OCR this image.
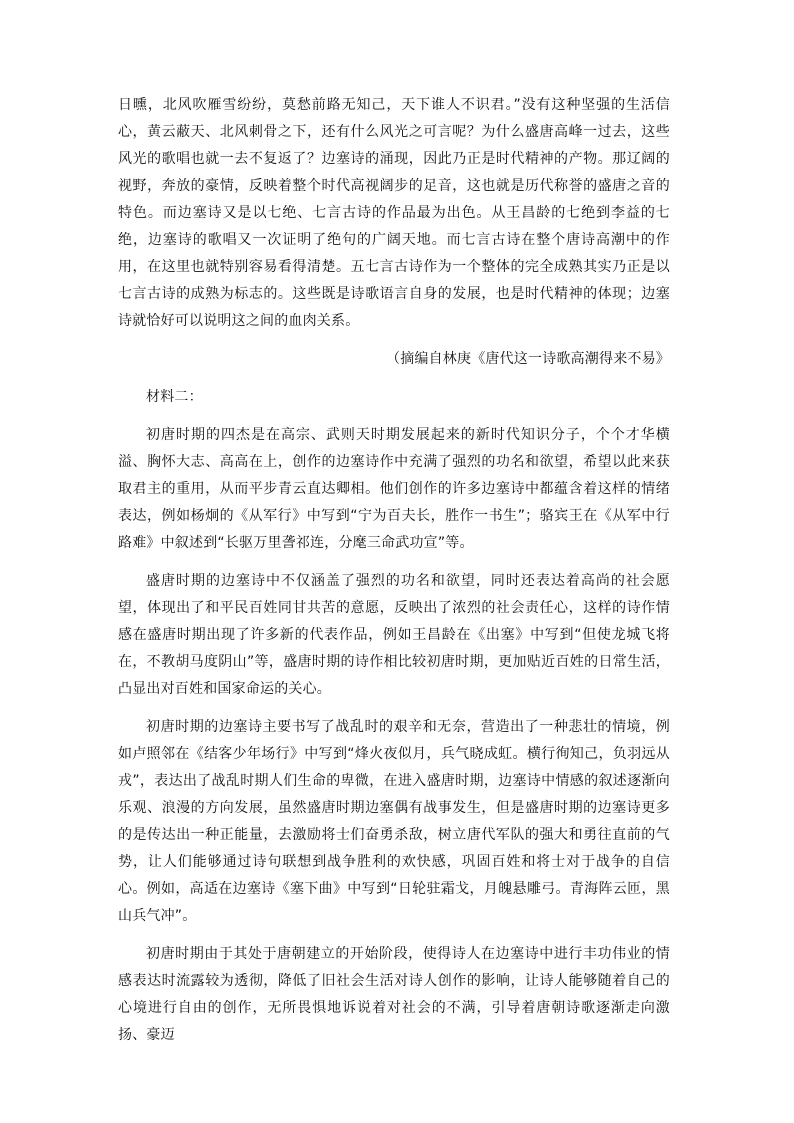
日曛，北风吹雁雪纷纷，莫愁前路无知己，天下谁人不识君。”没有这种坚强的生活信心，黄云蔽天、北风刺骨之下，还有什么风光之可言呢？为什么盛唐高峰一过去，这些风光的歌唱也就一去不复返了？边塞诗的涌现，因此乃正是时代精神的产物。那辽阔的视野，奔放的豪情，反映着整个时代高视阔步的足音，这也就是历代称誉的盛唐之音的特色。而边塞诗又是以七绝、七言古诗的作品最为出色。从王昌龄的七绝到李益的七绝，边塞诗的歌唱又一次证明了绝句的广阔天地。而七言古诗在整个唐诗高潮中的作用，在这里也就特别容易看得清楚。五七言古诗作为一个整体的完全成熟其实乃正是以七言古诗的成熟为标志的。这些既是诗歌语言自身的发展，也是时代精神的体现；边塞诗就恰好可以说明这之间的血肉关系。

（摘编自林庚《唐代这一诗歌高潮得来不易》

材料二：

初唐时期的四杰是在高宗、武则天时期发展起来的新时代知识分子，个个才华横溢、胸怀大志、高高在上，创作的边塞诗作中充满了强烈的功名和欲望，希望以此来获取君主的重用，从而平步青云直达卿相。他们创作的许多边塞诗中都蕴含着这样的情绪表达，例如杨炯的《从军行》中写到“宁为百夫长，胜作一书生”；骆宾王在《从军中行路难》中叙述到“长驱万里詟祁连，分麾三命武功宣”等。

盛唐时期的边塞诗中不仅涵盖了强烈的功名和欲望，同时还表达着高尚的社会愿望，体现出了和平民百姓同甘共苦的意愿，反映出了浓烈的社会责任心，这样的诗作情感在盛唐时期出现了许多新的代表作品，例如王昌龄在《出塞》中写到“但使龙城飞将在，不教胡马度阴山”等，盛唐时期的诗作相比较初唐时期，更加贴近百姓的日常生活，凸显出对百姓和国家命运的关心。

初唐时期的边塞诗主要书写了战乱时的艰辛和无奈，营造出了一种悲壮的情境，例如卢照邻在《结客少年场行》中写到“烽火夜似月，兵气晓成虹。横行徇知己，负羽远从戎”，表达出了战乱时期人们生命的卑微，在进入盛唐时期，边塞诗中情感的叙述逐渐向乐观、浪漫的方向发展，虽然盛唐时期边塞偶有战事发生，但是盛唐时期的边塞诗更多的是传达出一种正能量，去激励将士们奋勇杀敌，树立唐代军队的强大和勇往直前的气势，让人们能够通过诗句联想到战争胜利的欢快感，巩固百姓和将士对于战争的自信心。例如，高适在边塞诗《塞下曲》中写到“日轮驻霜戈，月魄悬雕弓。青海阵云匝，黑山兵气冲”。

初唐时期由于其处于唐朝建立的开始阶段，使得诗人在边塞诗中进行丰功伟业的情感表达时流露较为透彻，降低了旧社会生活对诗人创作的影响，让诗人能够随着自己的心境进行自由的创作，无所畏惧地诉说着对社会的不满，引导着唐朝诗歌逐渐走向激扬、豪迈
